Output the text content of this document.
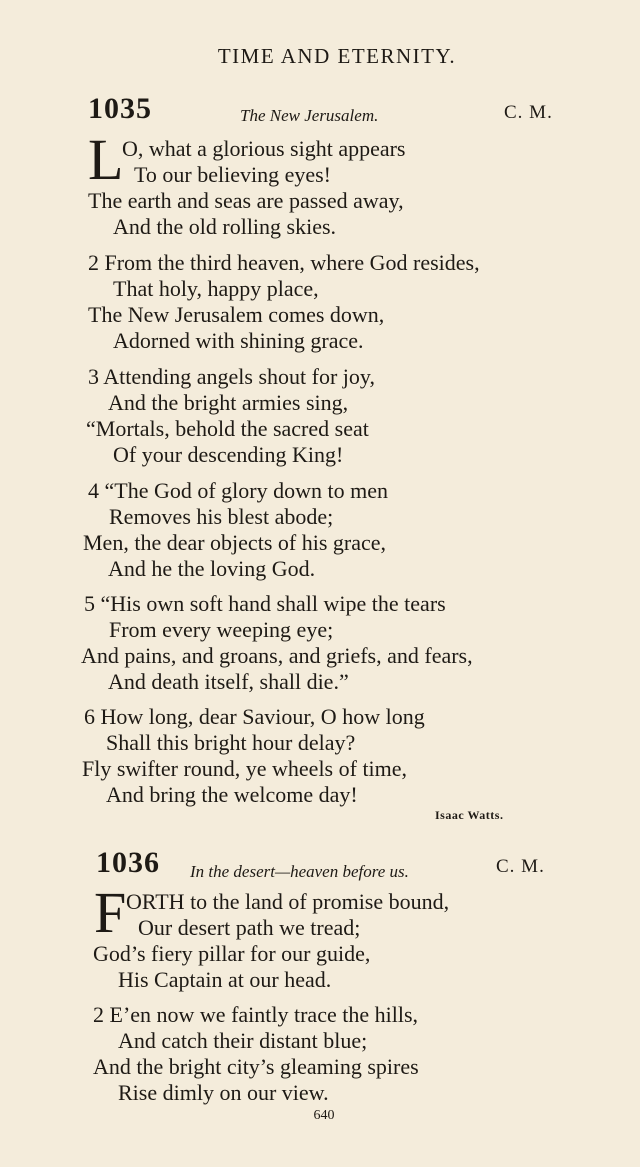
TIME AND ETERNITY.
1035	The New Jerusalem.	C. M.
L
O, what a glorious sight appears
To our believing eyes!
The earth and seas are passed away,
And the old rolling skies.
2 From the third heaven, where God resides,
That holy, happy place,
The New Jerusalem comes down,
Adorned with shining grace.
3 Attending angels shout for joy,
And the bright armies sing,
“Mortals, behold the sacred seat
Of your descending King!
4 “The God of glory down to men
Removes his blest abode;
Men, the dear objects of his grace,
And he the loving God.
5 “His own soft hand shall wipe the tears
From every weeping eye;
And pains, and groans, and griefs, and fears,
And death itself, shall die.”
6 How long, dear Saviour, O how long
Shall this bright hour delay?
Fly swifter round, ye wheels of time,
And bring the welcome day!
Isaac Watts.
1036 In the desert—heaven before us.	C. M.
F ORTH to the land of promise bound,
Our desert path we tread;
God’s fiery pillar for our guide,
His Captain at our head.
2 E’en now we faintly trace the hills,
And catch their distant blue;
And the bright city’s gleaming spires
Rise dimly on our view.
640
